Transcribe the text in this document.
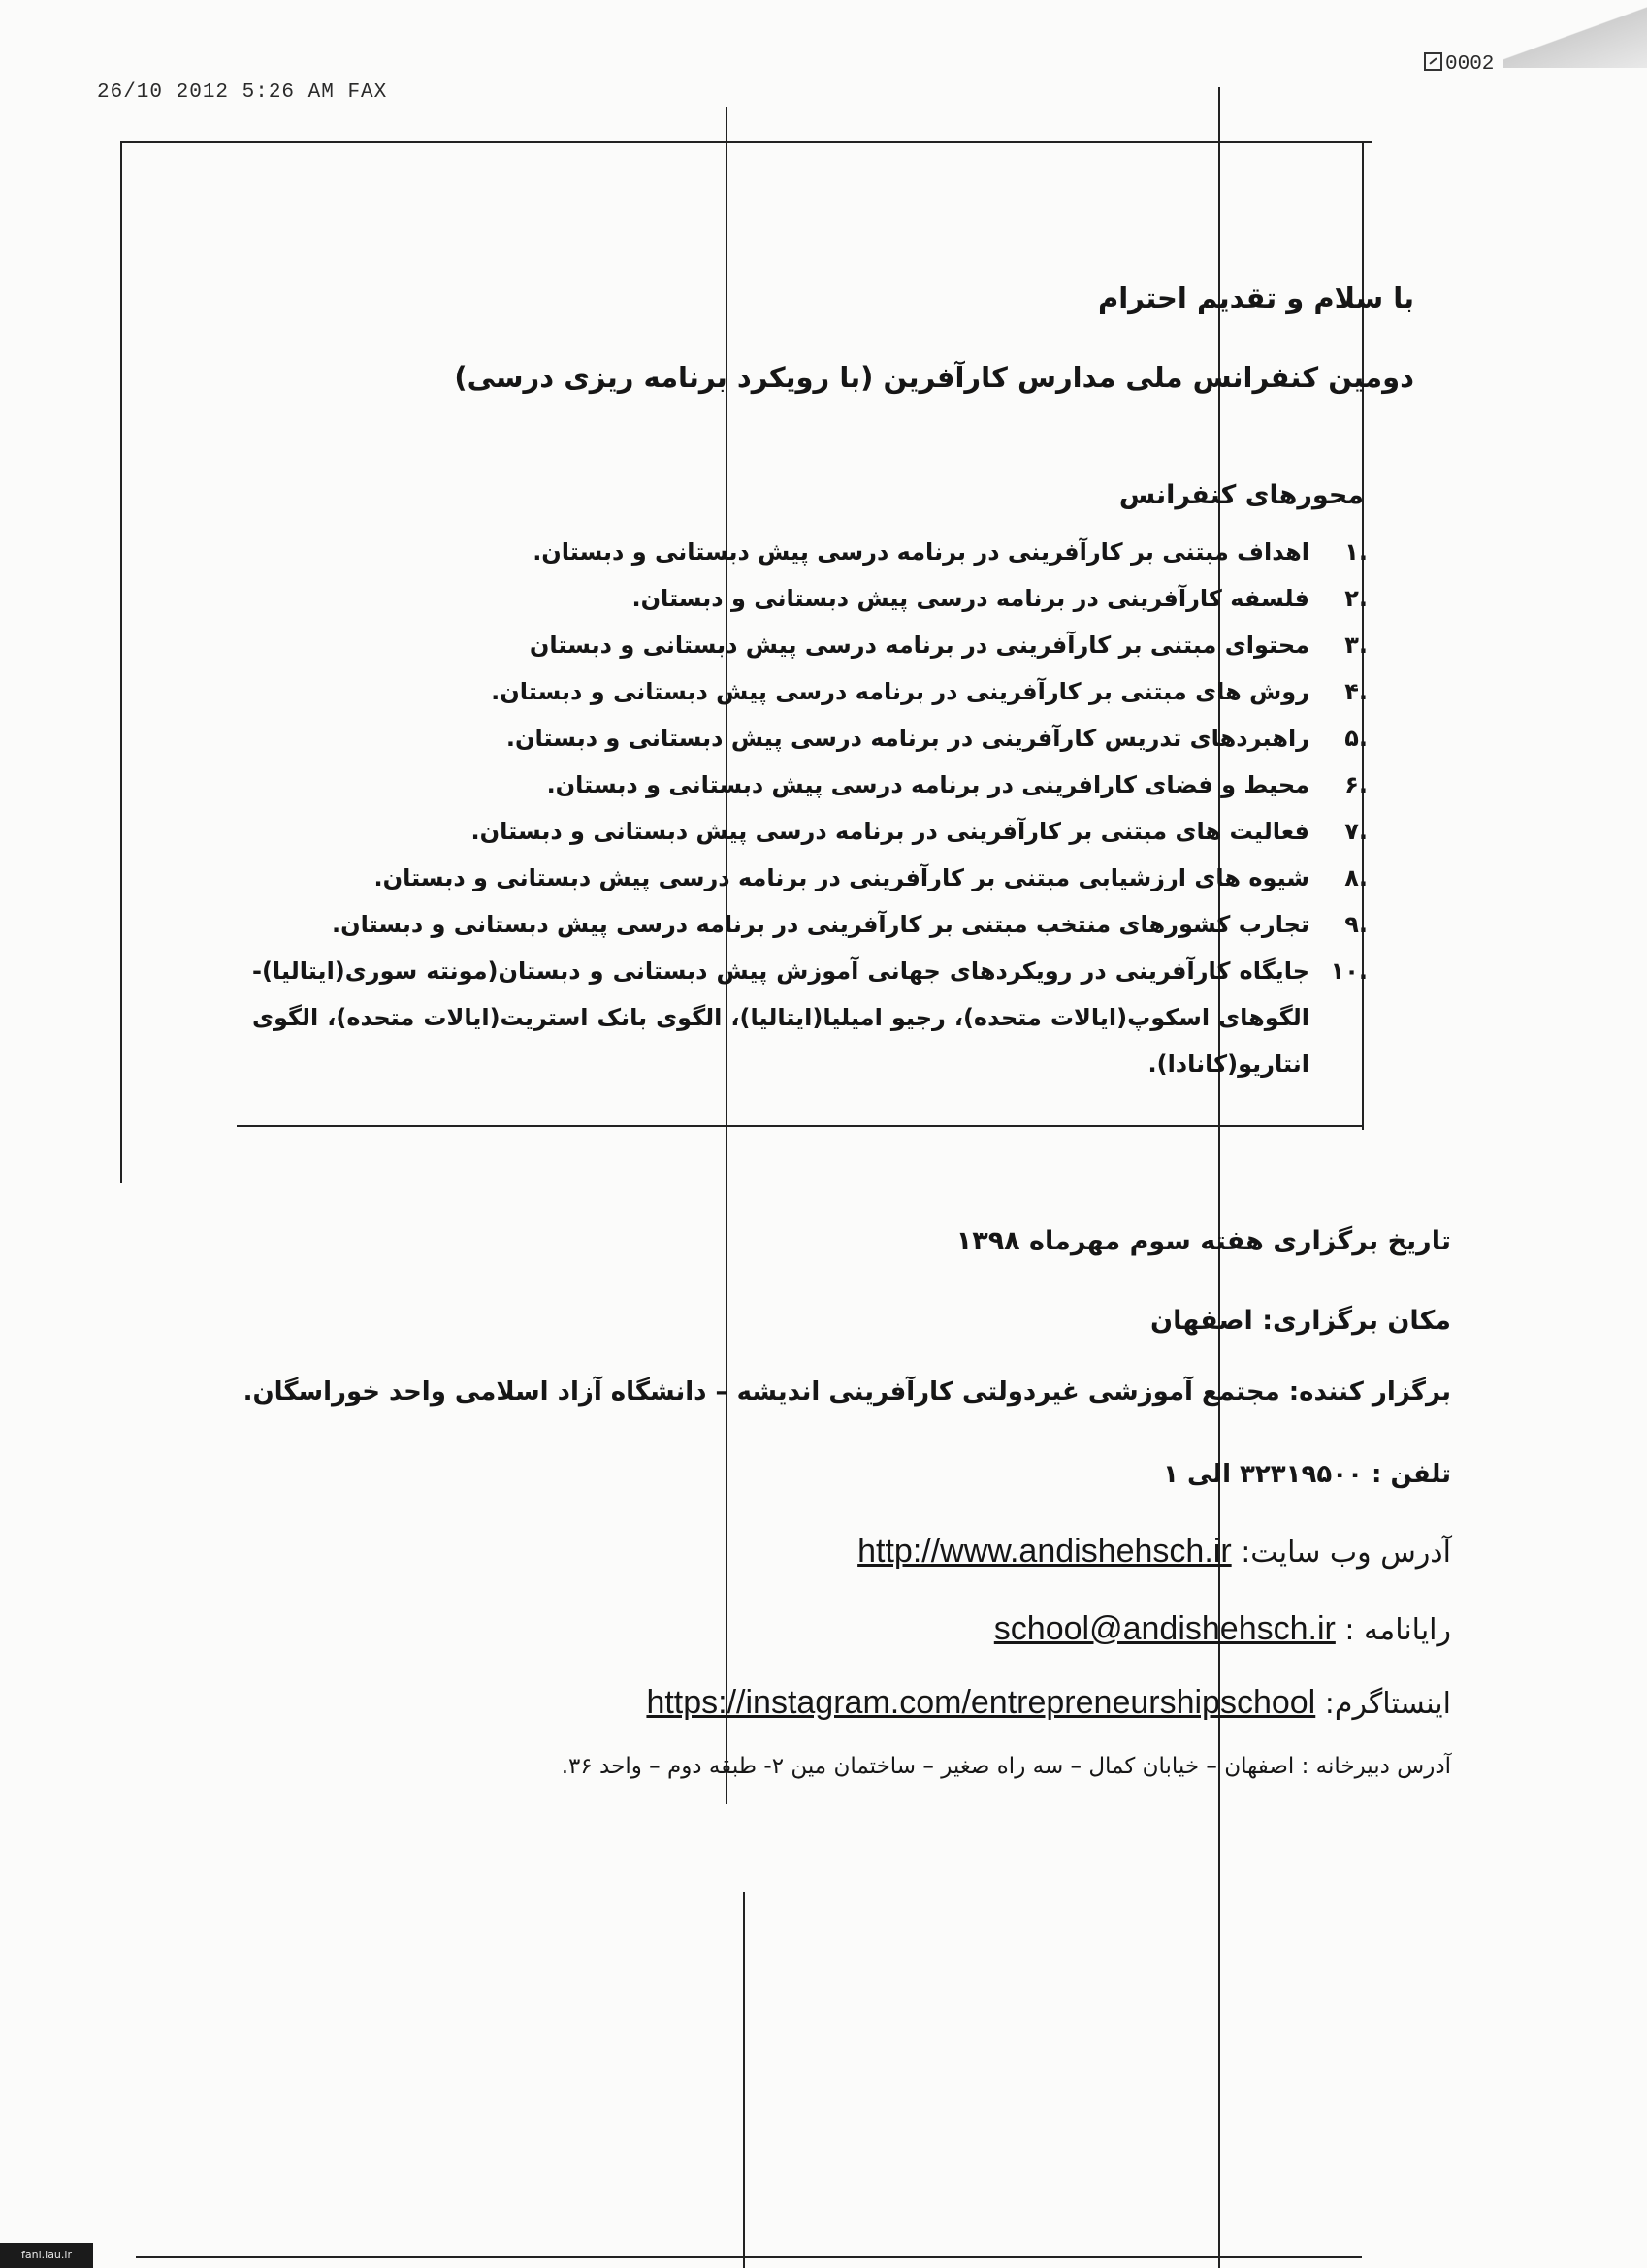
26/10 2012 5:26 AM FAX
0002
با سلام و تقدیم احترام
دومین کنفرانس ملی مدارس کارآفرین (با رویکرد برنامه ریزی درسی)
محورهای کنفرانس
.۱
اهداف مبتنی بر کارآفرینی در برنامه درسی پیش دبستانی و دبستان.
.۲
فلسفه کارآفرینی در برنامه درسی پیش دبستانی و دبستان.
.۳
محتوای مبتنی بر کارآفرینی در برنامه درسی پیش دبستانی و دبستان
.۴
روش های مبتنی بر کارآفرینی در برنامه درسی پیش دبستانی و دبستان.
.۵
راهبردهای تدریس کارآفرینی در برنامه درسی پیش دبستانی و دبستان.
.۶
محیط و فضای کارافرینی در برنامه درسی پیش دبستانی و دبستان.
.۷
فعالیت های مبتنی بر کارآفرینی در برنامه درسی پیش دبستانی و دبستان.
.۸
شیوه های ارزشیابی مبتنی بر کارآفرینی در برنامه درسی پیش دبستانی و دبستان.
.۹
تجارب کشورهای منتخب مبتنی بر کارآفرینی در برنامه درسی پیش دبستانی و دبستان.
.۱۰
جایگاه کارآفرینی در رویکردهای جهانی آموزش پیش دبستانی و دبستان(مونته سوری(ایتالیا)-الگوهای اسکوپ(ایالات متحده)، رجیو امیلیا(ایتالیا)، الگوی بانک استریت(ایالات متحده)، الگوی انتاریو(کانادا).
تاریخ برگزاری هفته سوم مهرماه ۱۳۹۸
مکان برگزاری: اصفهان
برگزار کننده: مجتمع آموزشی غیردولتی کارآفرینی اندیشه – دانشگاه آزاد اسلامی واحد خوراسگان.
تلفن : ۳۲۳۱۹۵۰۰ الی ۱
آدرس وب سایت: http://www.andishehsch.ir
رایانامه : school@andishehsch.ir
اینستاگرم: https://instagram.com/entrepreneurshipschool
آدرس دبیرخانه : اصفهان – خیابان کمال – سه راه صغیر – ساختمان مین ۲- طبقه دوم – واحد ۳۶.
fani.iau.ir
